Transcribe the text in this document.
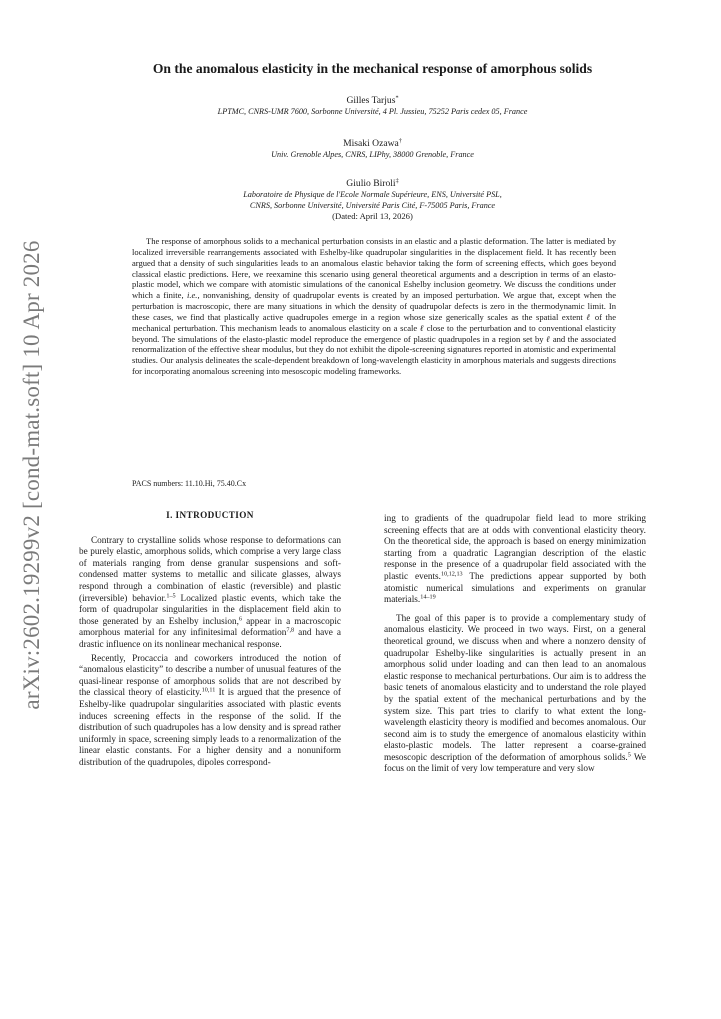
arXiv:2602.19299v2 [cond-mat.soft] 10 Apr 2026
On the anomalous elasticity in the mechanical response of amorphous solids
Gilles Tarjus*
LPTMC, CNRS-UMR 7600, Sorbonne Université, 4 Pl. Jussieu, 75252 Paris cedex 05, France
Misaki Ozawa†
Univ. Grenoble Alpes, CNRS, LIPhy, 38000 Grenoble, France
Giulio Biroli‡
Laboratoire de Physique de l'Ecole Normale Supérieure, ENS, Université PSL,
CNRS, Sorbonne Université, Université Paris Cité, F-75005 Paris, France
(Dated: April 13, 2026)

The response of amorphous solids to a mechanical perturbation consists in an elastic and a plastic deformation. The latter is mediated by localized irreversible rearrangements associated with Eshelby-like quadrupolar singularities in the displacement field. It has recently been argued that a density of such singularities leads to an anomalous elastic behavior taking the form of screening effects, which goes beyond classical elastic predictions. Here, we reexamine this scenario using general theoretical arguments and a description in terms of an elasto-plastic model, which we compare with atomistic simulations of the canonical Eshelby inclusion geometry. We discuss the conditions under which a finite, i.e., nonvanishing, density of quadrupolar events is created by an imposed perturbation. We argue that, except when the perturbation is macroscopic, there are many situations in which the density of quadrupolar defects is zero in the thermodynamic limit. In these cases, we find that plastically active quadrupoles emerge in a region whose size generically scales as the spatial extent ℓ of the mechanical perturbation. This mechanism leads to anomalous elasticity on a scale ℓ close to the perturbation and to conventional elasticity beyond. The simulations of the elasto-plastic model reproduce the emergence of plastic quadrupoles in a region set by ℓ and the associated renormalization of the effective shear modulus, but they do not exhibit the dipole-screening signatures reported in atomistic and experimental studies. Our analysis delineates the scale-dependent breakdown of long-wavelength elasticity in amorphous materials and suggests directions for incorporating anomalous screening into mesoscopic modeling frameworks.

PACS numbers: 11.10.Hi, 75.40.Cx
I. INTRODUCTION

Contrary to crystalline solids whose response to deformations can be purely elastic, amorphous solids, which comprise a very large class of materials ranging from dense granular suspensions and soft-condensed matter systems to metallic and silicate glasses, always respond through a combination of elastic (reversible) and plastic (irreversible) behavior.$^{1-5}$ Localized plastic events, which take the form of quadrupolar singularities in the displacement field akin to those generated by an Eshelby inclusion,$^6$ appear in a macroscopic amorphous material for any infinitesimal deformation$^{7,8}$ and have a drastic influence on its nonlinear mechanical response.

Recently, Procaccia and coworkers introduced the notion of “anomalous elasticity” to describe a number of unusual features of the quasi-linear response of amorphous solids that are not described by the classical theory of elasticity.$^{10,11}$ It is argued that the presence of Eshelby-like quadrupolar singularities associated with plastic events induces screening effects in the response of the solid. If the distribution of such quadrupoles has a low density and is spread rather uniformly in space, screening simply leads to a renormalization of the linear elastic constants. For a higher density and a nonuniform distribution of the quadrupoles, dipoles correspond-

ing to gradients of the quadrupolar field lead to more striking screening effects that are at odds with conventional elasticity theory. On the theoretical side, the approach is based on energy minimization starting from a quadratic Lagrangian description of the elastic response in the presence of a quadrupolar field associated with the plastic events.$^{10,12,13}$ The predictions appear supported by both atomistic numerical simulations and experiments on granular materials.$^{14-19}$

The goal of this paper is to provide a complementary study of anomalous elasticity. We proceed in two ways. First, on a general theoretical ground, we discuss when and where a nonzero density of quadrupolar Eshelby-like singularities is actually present in an amorphous solid under loading and can then lead to an anomalous elastic response to mechanical perturbations. Our aim is to address the basic tenets of anomalous elasticity and to understand the role played by the spatial extent of the mechanical perturbations and by the system size. This part tries to clarify to what extent the long-wavelength elasticity theory is modified and becomes anomalous. Our second aim is to study the emergence of anomalous elasticity within elasto-plastic models. The latter represent a coarse-grained mesoscopic description of the deformation of amorphous solids.$^5$ We focus on the limit of very low temperature and very slow
